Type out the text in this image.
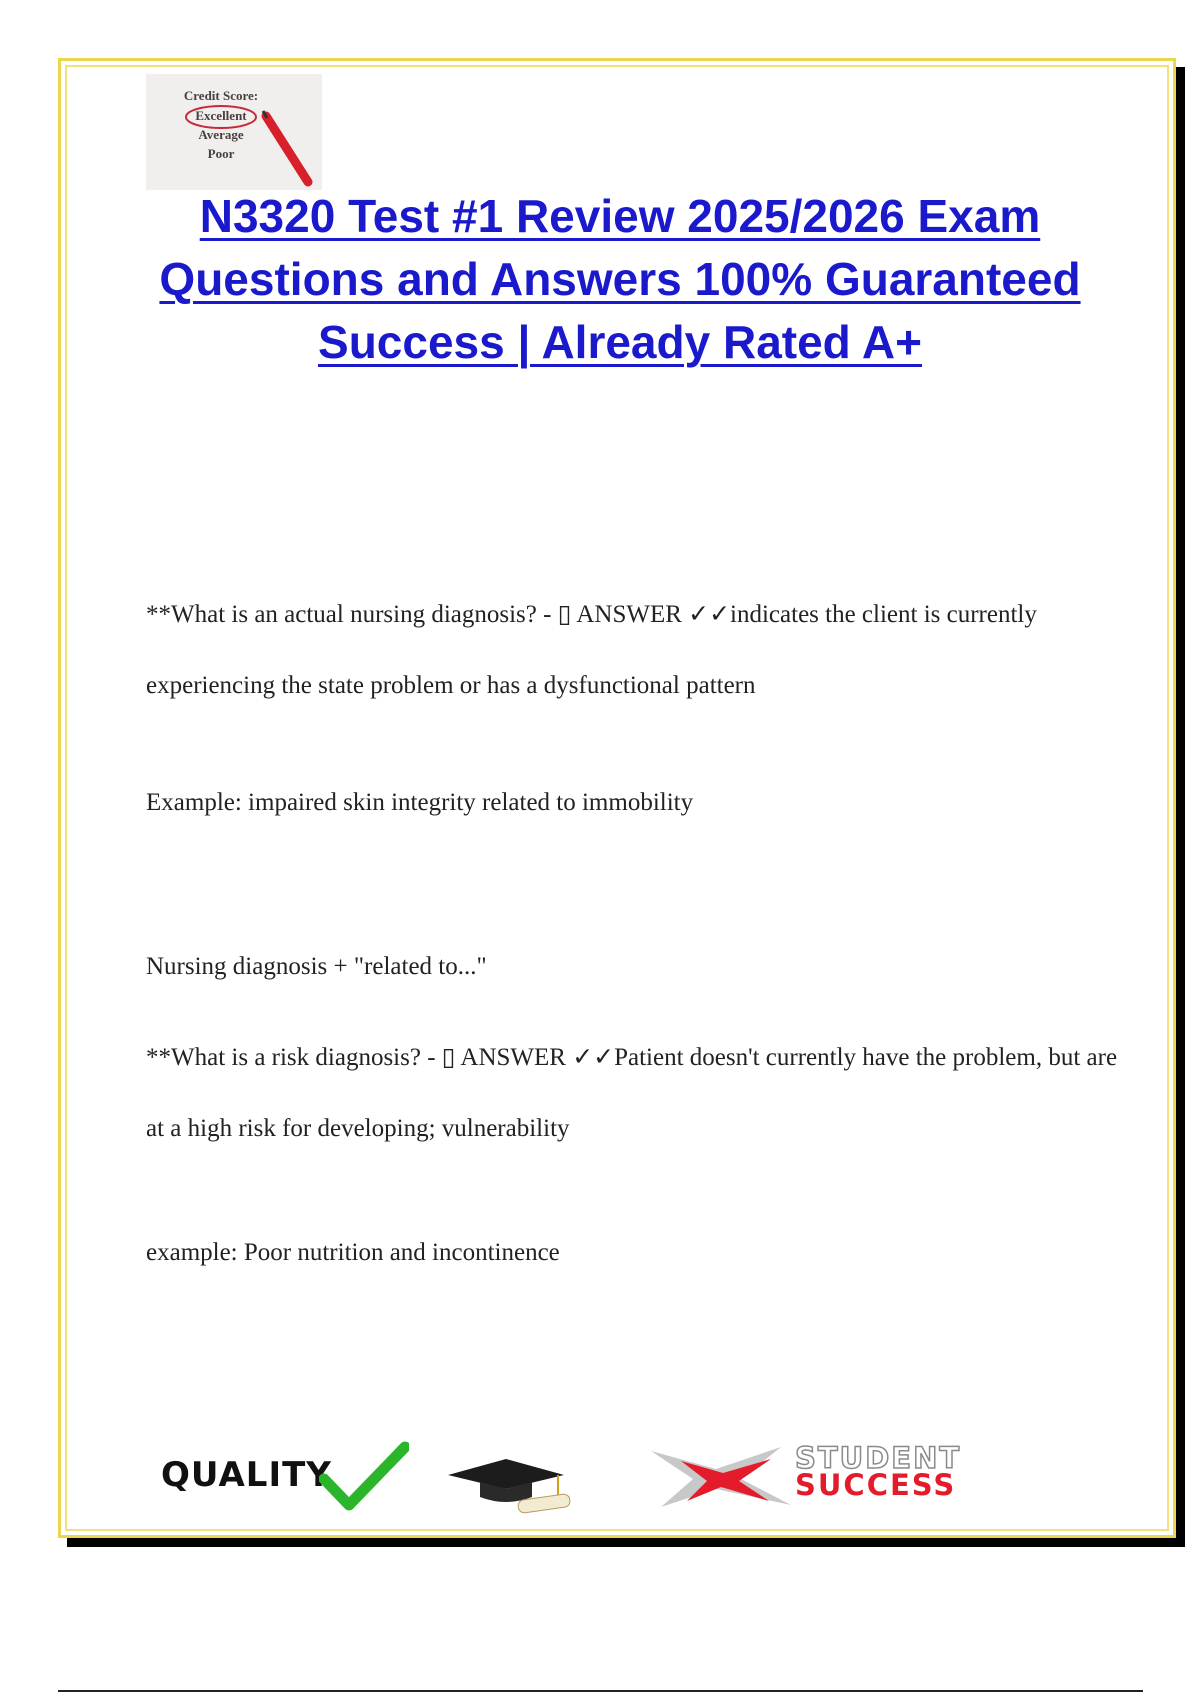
Credit Score:
Excellent
Average
Poor
N3320 Test #1 Review 2025/2026 Exam Questions and Answers 100% Guaranteed Success | Already Rated A+

**What is an actual nursing diagnosis? - ▯ ANSWER ✓✓indicates the client is currently experiencing the state problem or has a dysfunctional pattern

Example: impaired skin integrity related to immobility

Nursing diagnosis + "related to..."

**What is a risk diagnosis? - ▯ ANSWER ✓✓Patient doesn't currently have the problem, but are at a high risk for developing; vulnerability

example: Poor nutrition and incontinence

QUALITY	STUDENT
SUCCESS
